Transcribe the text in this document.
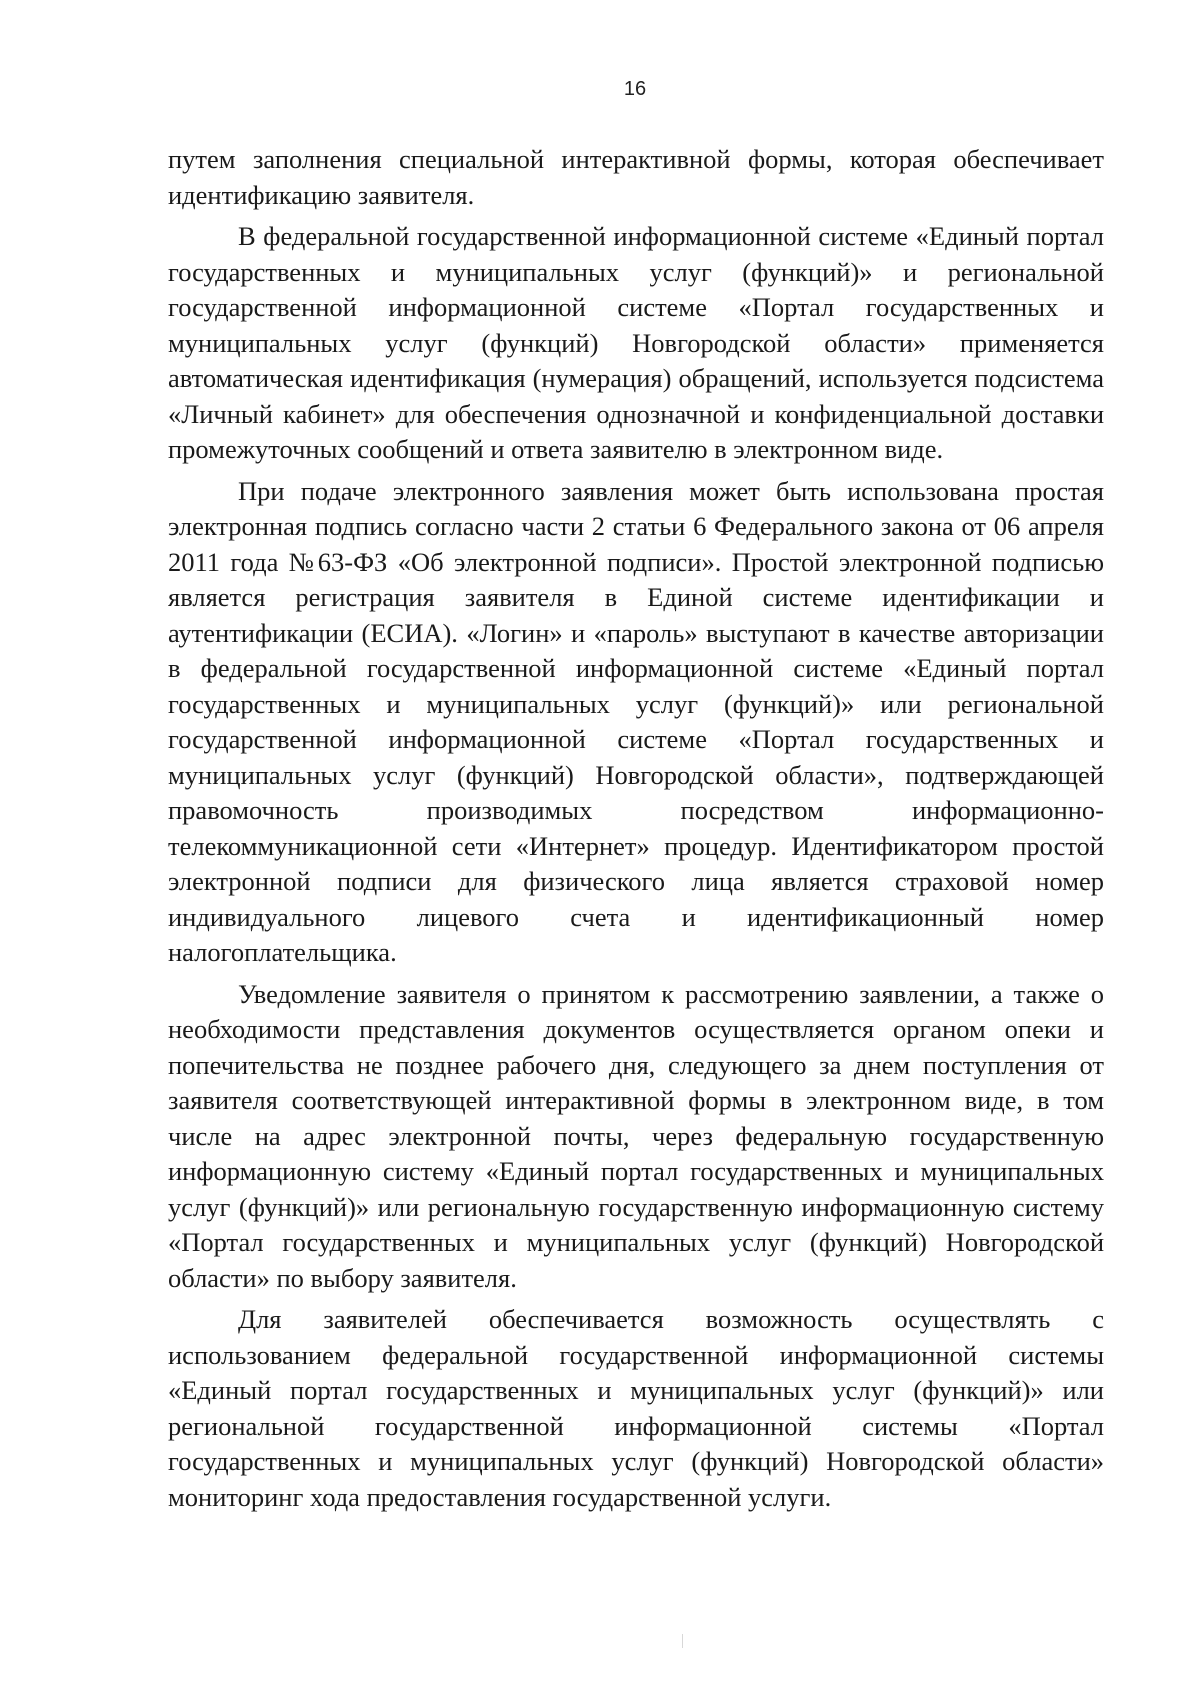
16

путем заполнения специальной интерактивной формы, которая обеспечивает идентификацию заявителя.

В федеральной государственной информационной системе «Единый портал государственных и муниципальных услуг (функций)» и региональной государственной информационной системе «Портал государственных и муниципальных услуг (функций) Новгородской области» применяется автоматическая идентификация (нумерация) обращений, используется подсистема «Личный кабинет» для обеспечения однозначной и конфиденциальной доставки промежуточных сообщений и ответа заявителю в электронном виде.

При подаче электронного заявления может быть использована простая электронная подпись согласно части 2 статьи 6 Федерального закона от 06 апреля 2011 года №63-ФЗ «Об электронной подписи». Простой электронной подписью является регистрация заявителя в Единой системе идентификации и аутентификации (ЕСИА). «Логин» и «пароль» выступают в качестве авторизации в федеральной государственной информационной системе «Единый портал государственных и муниципальных услуг (функций)» или региональной государственной информационной системе «Портал государственных и муниципальных услуг (функций) Новгородской области», подтверждающей правомочность производимых посредством информационно-телекоммуникационной сети «Интернет» процедур. Идентификатором простой электронной подписи для физического лица является страховой номер индивидуального лицевого счета и идентификационный номер налогоплательщика.

Уведомление заявителя о принятом к рассмотрению заявлении, а также о необходимости представления документов осуществляется органом опеки и попечительства не позднее рабочего дня, следующего за днем поступления от заявителя соответствующей интерактивной формы в электронном виде, в том числе на адрес электронной почты, через федеральную государственную информационную систему «Единый портал государственных и муниципальных услуг (функций)» или региональную государственную информационную систему «Портал государственных и муниципальных услуг (функций) Новгородской области» по выбору заявителя.

Для заявителей обеспечивается возможность осуществлять с использованием федеральной государственной информационной системы «Единый портал государственных и муниципальных услуг (функций)» или региональной государственной информационной системы «Портал государственных и муниципальных услуг (функций) Новгородской области» мониторинг хода предоставления государственной услуги.
